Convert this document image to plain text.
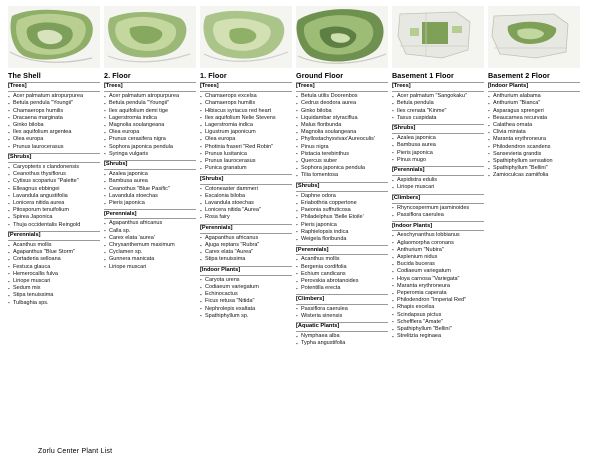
The Shell
[Trees]
▪ Acer palmatum atropurpurea
▪ Betula pendula "Youngii"
▪ Chamaerops humilis
▪ Dracaena marginata
▪ Ginko biloba
▪ Ilex aquifolium argentea
▪ Olea europa
▪ Prunus laurocerasus
[Shrubs]
▪ Caryopteris x clandonensis
▪ Ceanothus thysiflorus
▪ Cytisus scoparius "Palette"
▪ Elleagnus ebbingei
▪ Lavandula angustifolia
▪ Lonicera nitida aurea
▪ Pitosporum tenuifolium
▪ Spirea Japonica
▪ Thuja occidentalis Reingold
[Perennials]
▪ Acanthus mollis
▪ Agapanthus "Blue Storm"
▪ Cortaderia selloana
▪ Festuca glauca
▪ Hemerocallis fulva
▪ Liriope muscari
▪ Sedum mix
▪ Stipa tenuissima
▪ Tulbaghia sps.
2. Floor
[Trees]
▪ Acer palmatum atropurpurea
▪ Betula pendula "Youngii"
▪ Ilex aquifolium demi tige
▪ Lagerstromia indica
▪ Magnolia soulangeana
▪ Olea europa
▪ Prunus cerasifera nigra
▪ Sophora japonica pendula
▪ Syringa vulgaris
[Shrubs]
▪ Azalea japonica
▪ Bambusa aurea
▪ Ceanothus "Blue Pasific"
▪ Lavandula stoechas
▪ Pieris japonica
[Perennials]
▪ Agapanthus africanus
▪ Calla sp.
▪ Carex elata 'aurea'
▪ Chrysanthemum maximum
▪ Cyclamen sp.
▪ Gunnera manicata
▪ Liriope muscari
1. Floor
[Trees]
▪ Chamaerops excelsa
▪ Chamaerops humilis
▪ Hibiscus syriacus red heart
▪ Ilex aquifolium Nelie Stevens
▪ Lagerstromia indica
▪ Ligustrum japonicum
▪ Olea europa
▪ Photinia fraseri "Red Robin"
▪ Prunus lusitanica
▪ Prunus laurocerasus
▪ Punica granatum
[Shrubs]
▪ Cotoneaster dammeri
▪ Escalonia biloba
▪ Lavandula stoechas
▪ Lonicera nitida "Aurea"
▪ Rosa fairy
[Perennials]
▪ Agapanthus africanus
▪ Ajuga reptans "Rubra"
▪ Carex elata "Aurea"
▪ Stipa tenuissima
[Indoor Plants]
▪ Caryota urens
▪ Codiaeum variegatum
▪ Echinocactus
▪ Ficus retusa "Nitida"
▪ Nephrolepis exaltata
▪ Spathiphyllum sp.
Ground Floor
[Trees]
▪ Betula utilis Doorenbos
▪ Cedrus deodora aurea
▪ Ginko biloba
▪ Liquidambar styraciflua
▪ Malus floribunda
▪ Magnolia soulangeana
▪ Phyllostachysvivax'Aureoculis'
▪ Pinus nigra
▪ Pistacia terebinthus
▪ Quercus suber
▪ Sophora japonica pendula
▪ Tilia tomentosa
[Shrubs]
▪ Daphne odora
▪ Eriabothria coppertone
▪ Paeonia suffruticosa
▪ Philadelphus 'Belle Etoile'
▪ Pieris japonica
▪ Raphielopsis indica
▪ Weigela floribunda
[Perennials]
▪ Acanthus mollis
▪ Bergenia cordifolia
▪ Echium candicans
▪ Perovskia abrotanoides
▪ Potentilla erecta
[Climbers]
▪ Passiflora caerulea
▪ Wisteria sinensis
[Aquatic Plants]
▪ Nymphaea alba
▪ Typha angustifolia
Basement 1 Floor
[Trees]
▪ Acer palmatum "Sangokaku"
▪ Betula pendula
▪ Ilex crenata "Kinme"
▪ Taxus cuspidata
[Shrubs]
▪ Azalea japonica
▪ Bambusa aurea
▪ Pieris japonica
▪ Pinus mugo
[Perennials]
▪ Aspidistra edulis
▪ Liriope muscari
[Climbers]
▪ Rhyncospermum jasminoides
▪ Passiflora caerulea
[Indoor Plants]
▪ Aeschynanthus lobbianus
▪ Aglaomorpha coronans
▪ Anthurium "Nubira"
▪ Asplenium nidus
▪ Bucida buceras
▪ Codiaeum variegatum
▪ Hoya carnosa "Variegata"
▪ Maranta erythroneura
▪ Peperomia caperata
▪ Philodendron "Imperial Red"
▪ Rhapis excelsa
▪ Scindapsus pictus
▪ Schefflera "Amate"
▪ Spathiphyllum "Bellini"
▪ Strelitzia reginaea
Basement 2 Floor
[Indoor Plants]
▪ Anthurium alabama
▪ Anthurium "Bianca"
▪ Asparagus sprengeri
▪ Beaucarnea recurvata
▪ Calathea ornata
▪ Clivia miniata
▪ Maranta erythroneura
▪ Philodendron scandens
▪ Sansevieria grandis
▪ Spathiphyllum sensation
▪ Spathiphyllum "Bellini"
▪ Zamioculcas zamiifolia
Zorlu Center Plant List
